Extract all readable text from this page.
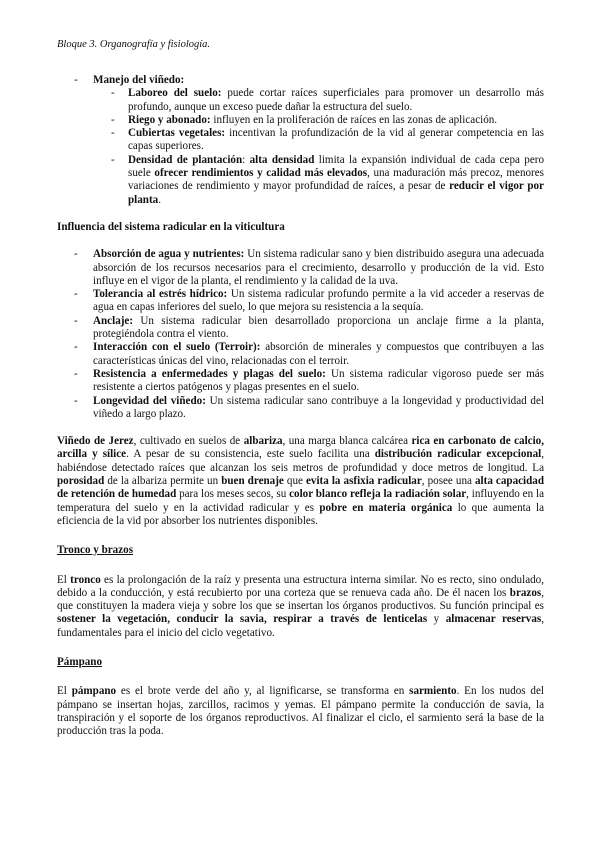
Bloque 3. Organografía y fisiología.
- Manejo del viñedo:
- Laboreo del suelo: puede cortar raíces superficiales para promover un desarrollo más profundo, aunque un exceso puede dañar la estructura del suelo.
- Riego y abonado: influyen en la proliferación de raíces en las zonas de aplicación.
- Cubiertas vegetales: incentivan la profundización de la vid al generar competencia en las capas superiores.
- Densidad de plantación: alta densidad limita la expansión individual de cada cepa pero suele ofrecer rendimientos y calidad más elevados, una maduración más precoz, menores variaciones de rendimiento y mayor profundidad de raíces, a pesar de reducir el vigor por planta.
Influencia del sistema radicular en la viticultura
- Absorción de agua y nutrientes: Un sistema radicular sano y bien distribuido asegura una adecuada absorción de los recursos necesarios para el crecimiento, desarrollo y producción de la vid. Esto influye en el vigor de la planta, el rendimiento y la calidad de la uva.
- Tolerancia al estrés hídrico: Un sistema radicular profundo permite a la vid acceder a reservas de agua en capas inferiores del suelo, lo que mejora su resistencia a la sequía.
- Anclaje: Un sistema radicular bien desarrollado proporciona un anclaje firme a la planta, protegiéndola contra el viento.
- Interacción con el suelo (Terroir): absorción de minerales y compuestos que contribuyen a las características únicas del vino, relacionadas con el terroir.
- Resistencia a enfermedades y plagas del suelo: Un sistema radicular vigoroso puede ser más resistente a ciertos patógenos y plagas presentes en el suelo.
- Longevidad del viñedo: Un sistema radicular sano contribuye a la longevidad y productividad del viñedo a largo plazo.
Viñedo de Jerez, cultivado en suelos de albariza, una marga blanca calcárea rica en carbonato de calcio, arcilla y sílice. A pesar de su consistencia, este suelo facilita una distribución radicular excepcional, habiéndose detectado raíces que alcanzan los seis metros de profundidad y doce metros de longitud. La porosidad de la albariza permite un buen drenaje que evita la asfixia radicular, posee una alta capacidad de retención de humedad para los meses secos, su color blanco refleja la radiación solar, influyendo en la temperatura del suelo y en la actividad radicular y es pobre en materia orgánica lo que aumenta la eficiencia de la vid por absorber los nutrientes disponibles.
Tronco y brazos
El tronco es la prolongación de la raíz y presenta una estructura interna similar. No es recto, sino ondulado, debido a la conducción, y está recubierto por una corteza que se renueva cada año. De él nacen los brazos, que constituyen la madera vieja y sobre los que se insertan los órganos productivos. Su función principal es sostener la vegetación, conducir la savia, respirar a través de lenticelas y almacenar reservas, fundamentales para el inicio del ciclo vegetativo.
Pámpano
El pámpano es el brote verde del año y, al lignificarse, se transforma en sarmiento. En los nudos del pámpano se insertan hojas, zarcillos, racimos y yemas. El pámpano permite la conducción de savia, la transpiración y el soporte de los órganos reproductivos. Al finalizar el ciclo, el sarmiento será la base de la producción tras la poda.
